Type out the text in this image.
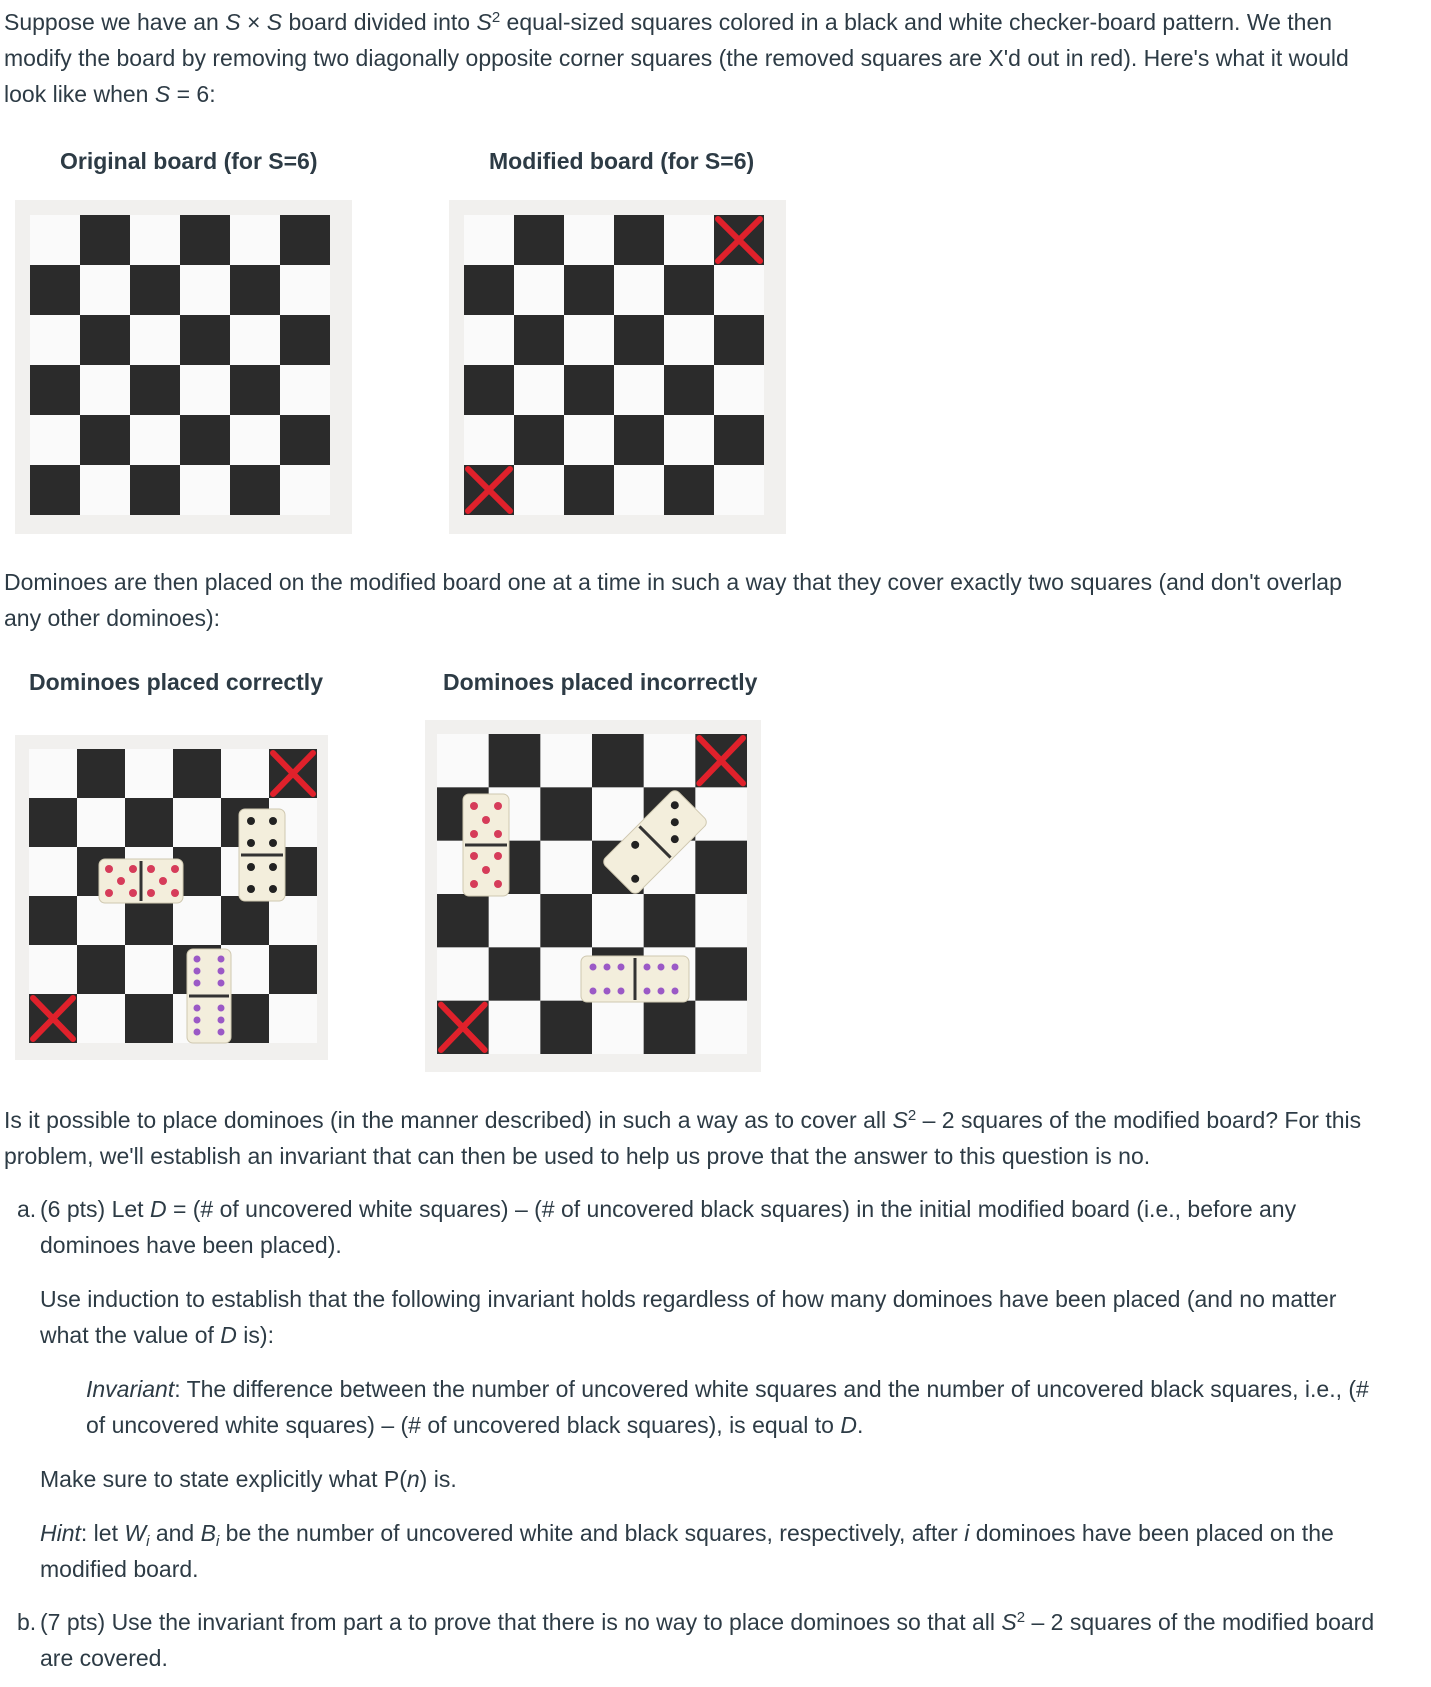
Suppose we have an S × S board divided into $S^2$ equal-sized squares colored in a black and white checker-board pattern. We then
modify the board by removing two diagonally opposite corner squares (the removed squares are X'd out in red). Here's what it would
look like when S = 6:

Original board (for S=6)	Modified board (for S=6)

Dominoes are then placed on the modified board one at a time in such a way that they cover exactly two squares (and don't overlap
any other dominoes):

Dominoes placed correctly	Dominoes placed incorrectly

Is it possible to place dominoes (in the manner described) in such a way as to cover all $S^2 - 2$ squares of the modified board? For this
problem, we'll establish an invariant that can then be used to help us prove that the answer to this question is no.

a. (6 pts) Let D = (# of uncovered white squares) – (# of uncovered black squares) in the initial modified board (i.e., before any
dominoes have been placed).

Use induction to establish that the following invariant holds regardless of how many dominoes have been placed (and no matter
what the value of D is):

Invariant: The difference between the number of uncovered white squares and the number of uncovered black squares, i.e., (#
of uncovered white squares) – (# of uncovered black squares), is equal to D.

Make sure to state explicitly what P(n) is.

Hint: let $W_i$ and $B_i$ be the number of uncovered white and black squares, respectively, after i dominoes have been placed on the
modified board.

b. (7 pts) Use the invariant from part a to prove that there is no way to place dominoes so that all $S^2 - 2$ squares of the modified board
are covered.
